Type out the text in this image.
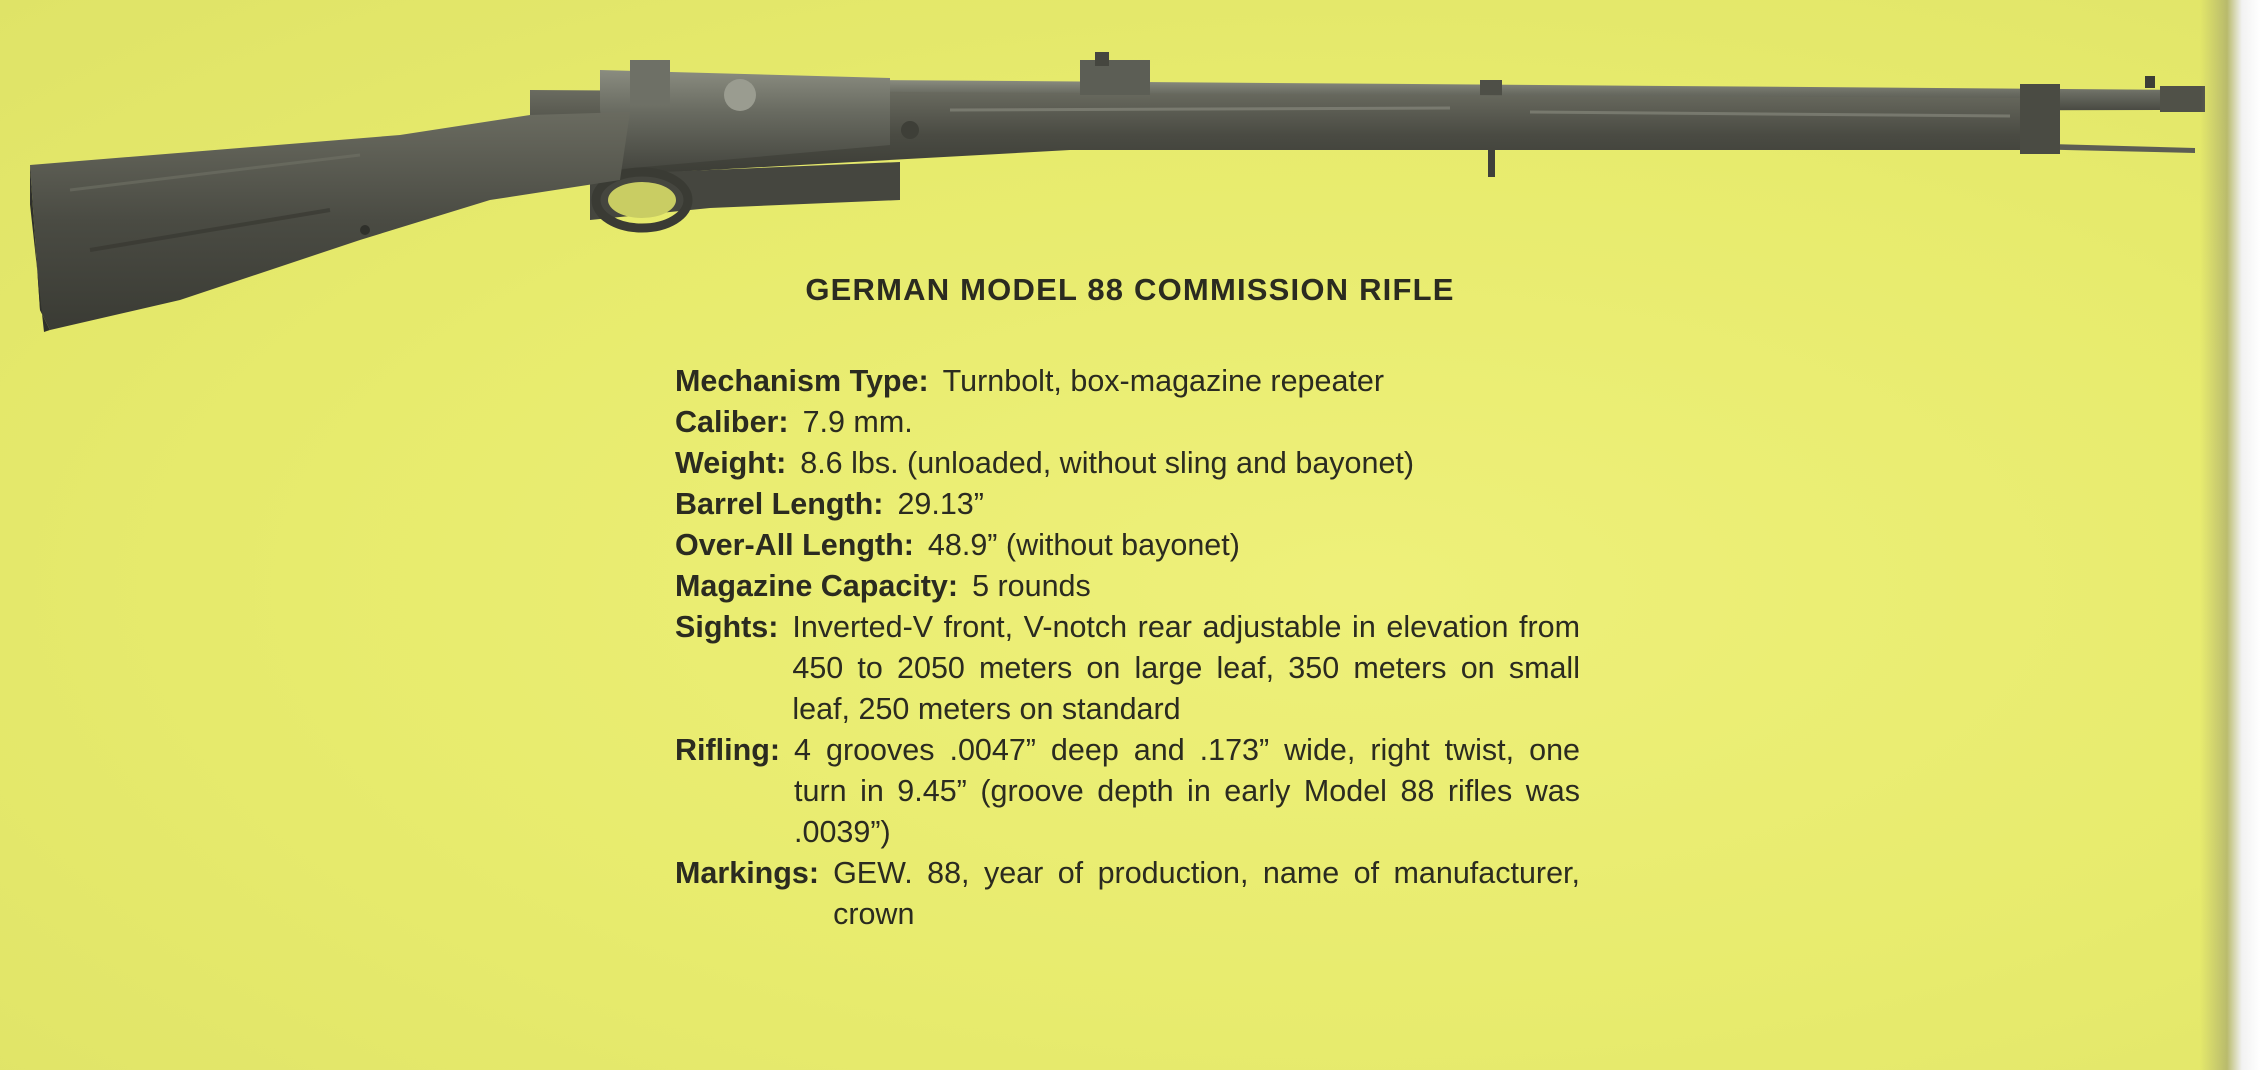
GERMAN MODEL 88 COMMISSION RIFLE
Mechanism Type: Turnbolt, box-magazine repeater
Caliber: 7.9 mm.
Weight: 8.6 lbs. (unloaded, without sling and bayonet)
Barrel Length: 29.13”
Over-All Length: 48.9” (without bayonet)
Magazine Capacity: 5 rounds
Sights: Inverted-V front, V-notch rear adjustable in elevation from 450 to 2050 meters on large leaf, 350 meters on small leaf, 250 meters on standard
Rifling: 4 grooves .0047” deep and .173” wide, right twist, one turn in 9.45” (groove depth in early Model 88 rifles was .0039”)
Markings: GEW. 88, year of production, name of manufacturer, crown
